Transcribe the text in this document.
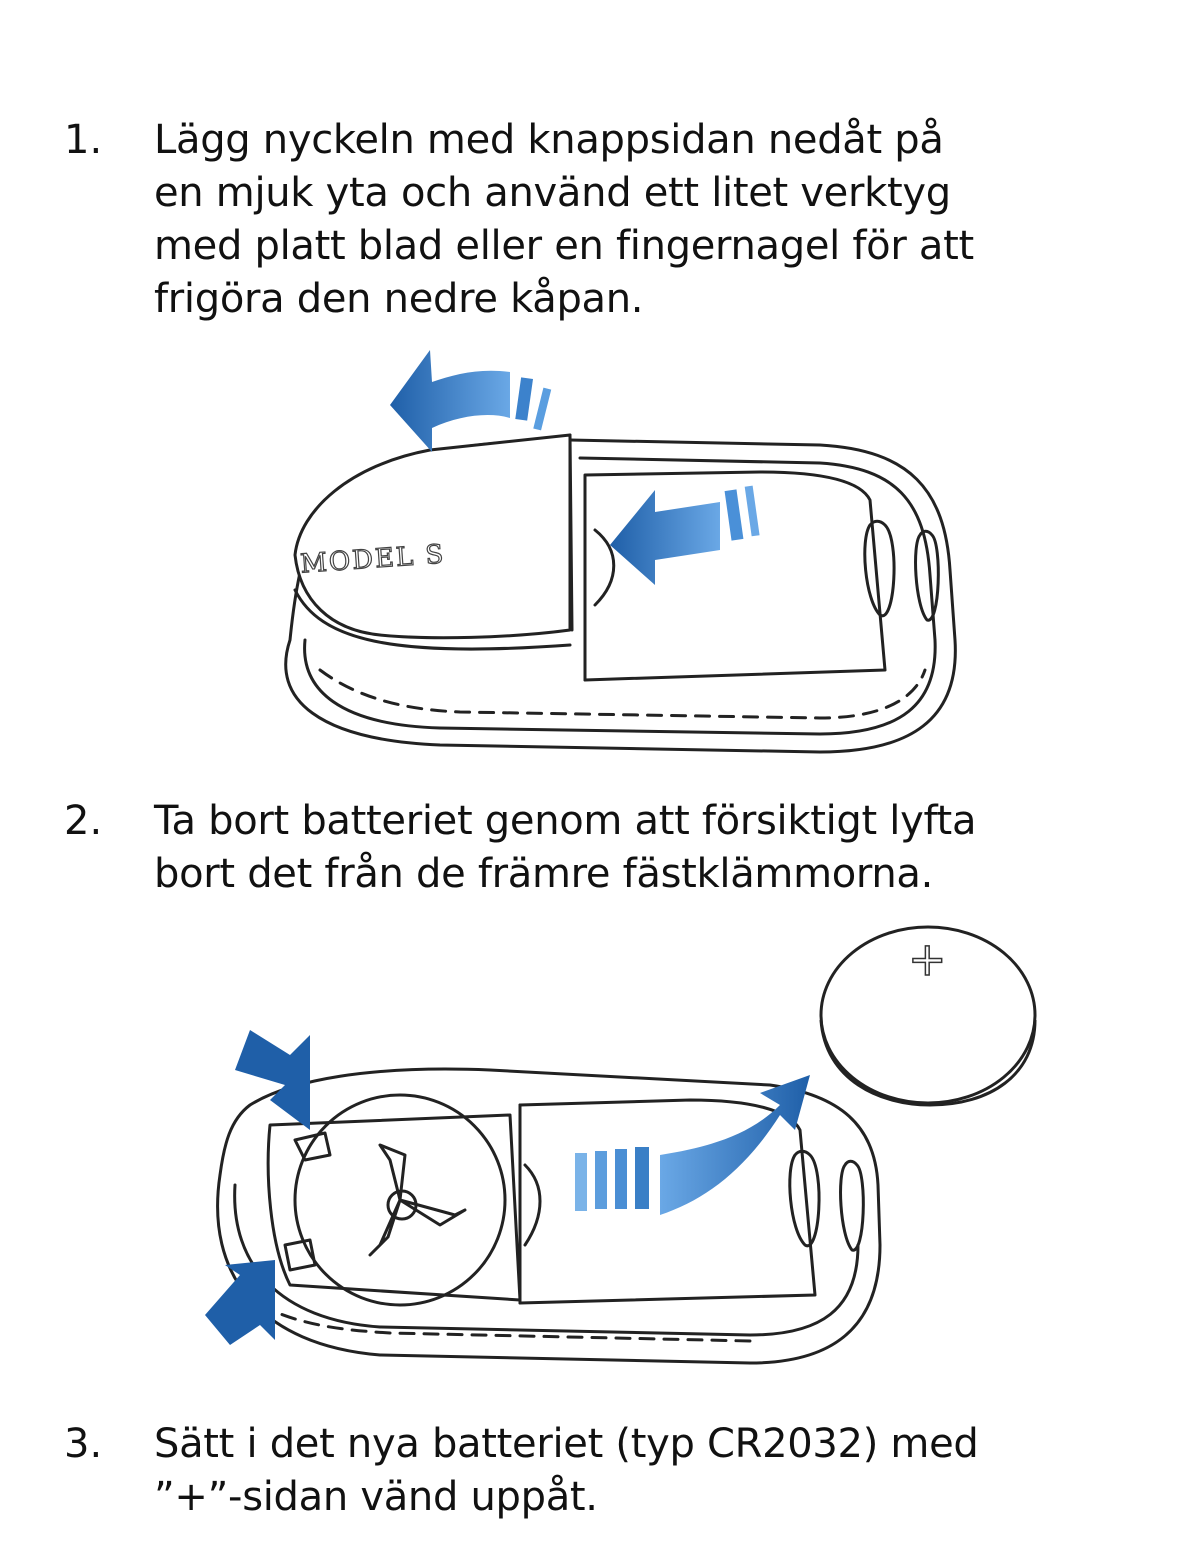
1. Lägg nyckeln med knappsidan nedåt på
en mjuk yta och använd ett litet verktyg
med platt blad eller en fingernagel för att
frigöra den nedre kåpan.

MODEL S
2. Ta bort batteriet genom att försiktigt lyfta
bort det från de främre fästklämmorna.

+
3. Sätt i det nya batteriet (typ CR2032) med
”+”-sidan vänd uppåt.
